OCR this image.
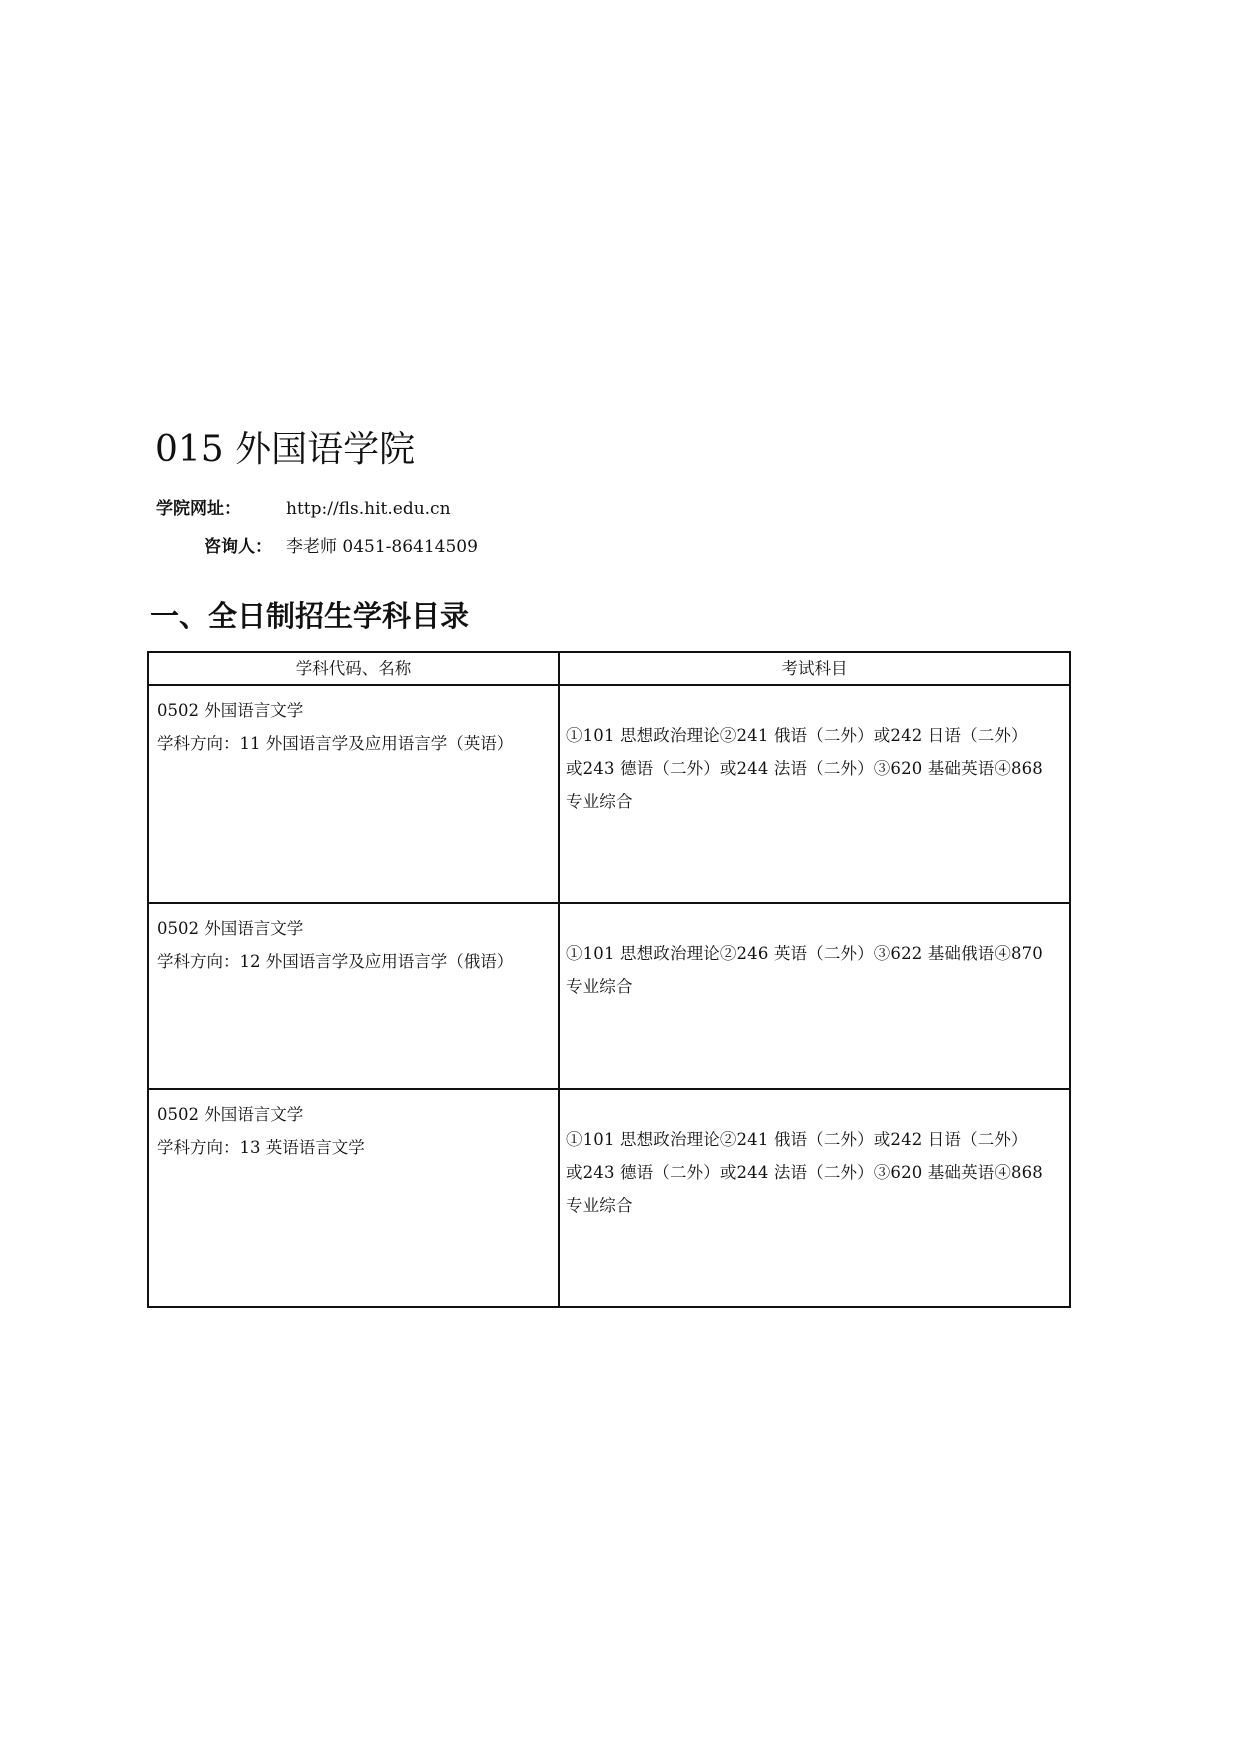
015 外国语学院
学院网址：	http://fls.hit.edu.cn
咨询人： 李老师 0451-86414509
一、全日制招生学科目录
学科代码、名称	考试科目

0502 外国语言文学
学科方向：11 外国语言学及应用语言学（英语）	①101 思想政治理论②241 俄语（二外）或242 日语（二外）
或243 德语（二外）或244 法语（二外）③620 基础英语④868
专业综合

0502 外国语言文学
学科方向：12 外国语言学及应用语言学（俄语）	①101 思想政治理论②246 英语（二外）③622 基础俄语④870
专业综合

0502 外国语言文学
学科方向：13 英语语言文学	①101 思想政治理论②241 俄语（二外）或242 日语（二外）
或243 德语（二外）或244 法语（二外）③620 基础英语④868
专业综合
